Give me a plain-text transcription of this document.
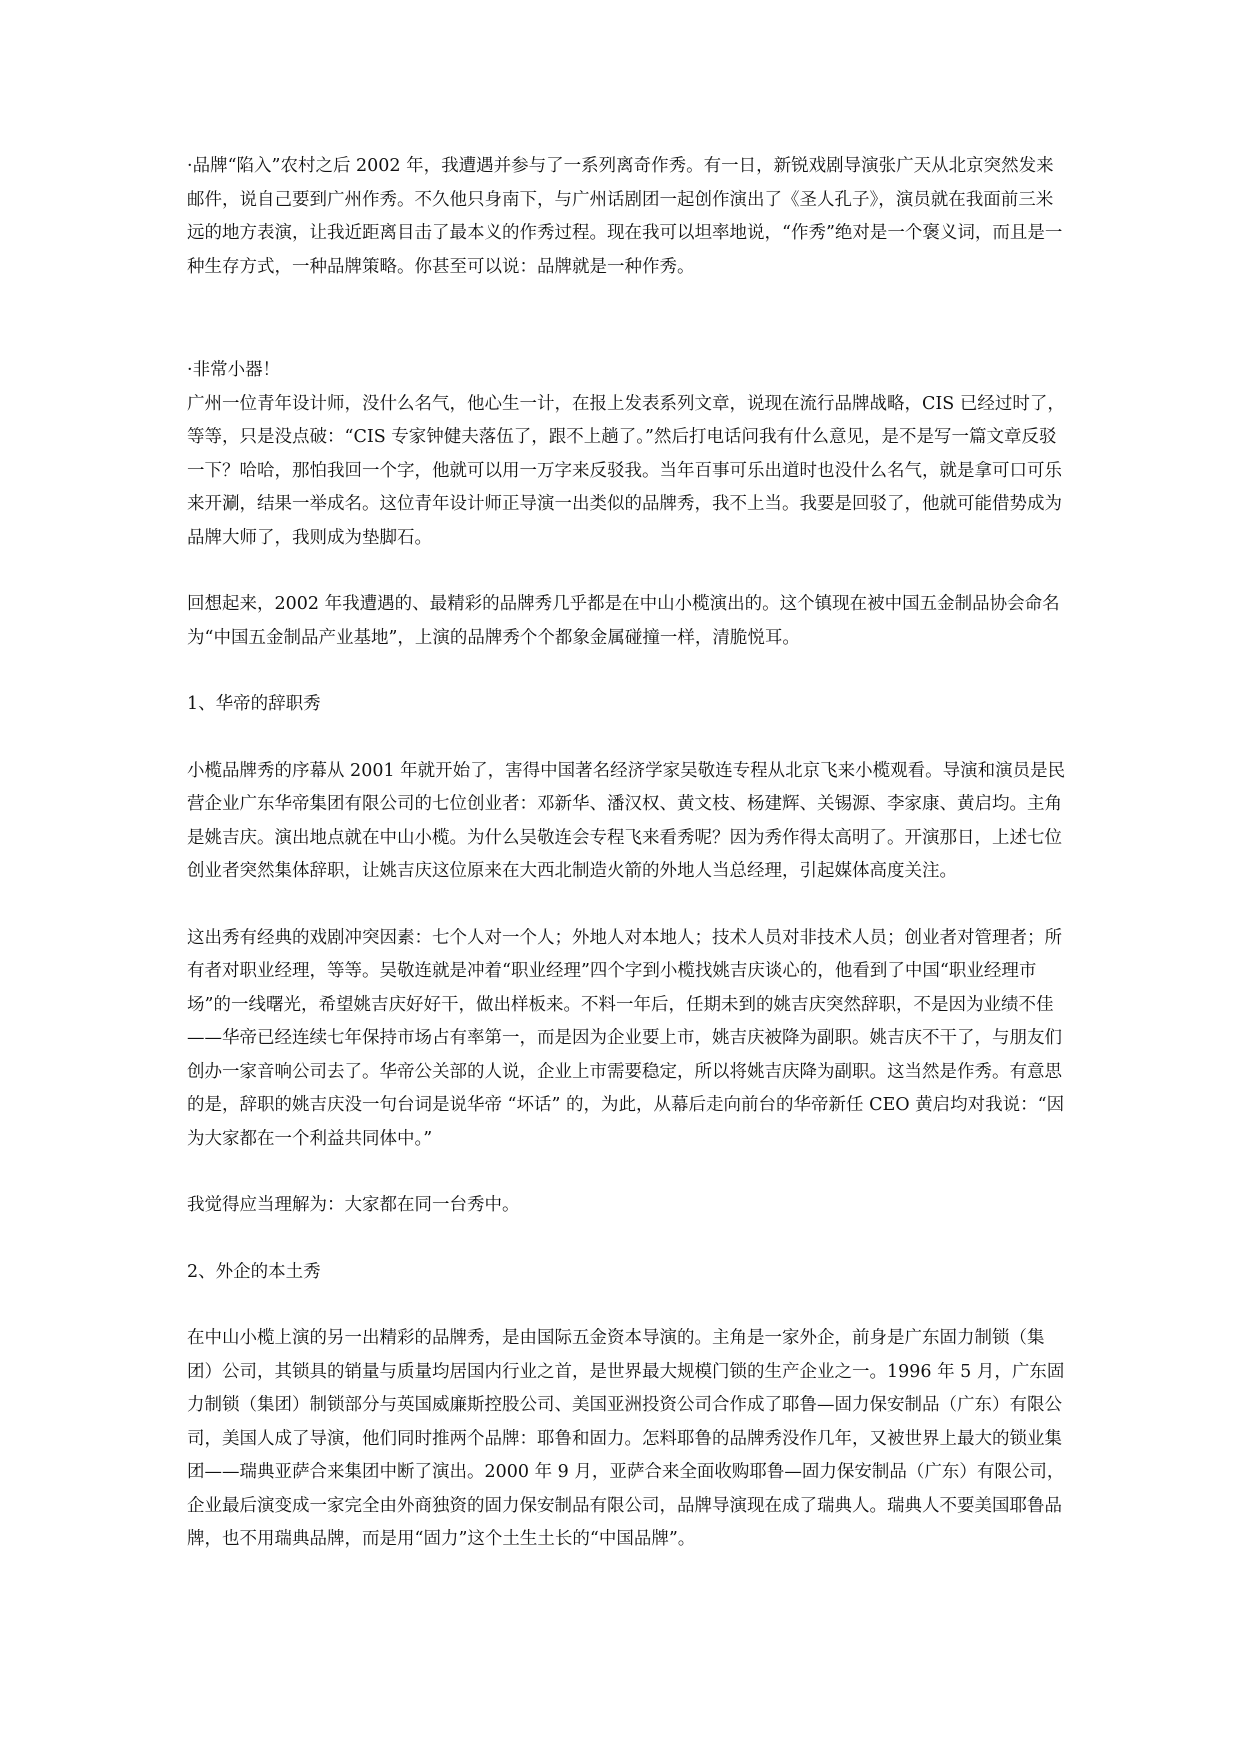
·品牌“陷入”农村之后 2002 年，我遭遇并参与了一系列离奇作秀。有一日，新锐戏剧导演张广天从北京突然发来邮件，说自己要到广州作秀。不久他只身南下，与广州话剧团一起创作演出了《圣人孔子》，演员就在我面前三米远的地方表演，让我近距离目击了最本义的作秀过程。现在我可以坦率地说，“作秀”绝对是一个褒义词，而且是一种生存方式，一种品牌策略。你甚至可以说：品牌就是一种作秀。

·非常小器！

广州一位青年设计师，没什么名气，他心生一计，在报上发表系列文章，说现在流行品牌战略，CIS 已经过时了，等等，只是没点破：“CIS 专家钟健夫落伍了，跟不上趟了。”然后打电话问我有什么意见，是不是写一篇文章反驳一下？哈哈，那怕我回一个字，他就可以用一万字来反驳我。当年百事可乐出道时也没什么名气，就是拿可口可乐来开涮，结果一举成名。这位青年设计师正导演一出类似的品牌秀，我不上当。我要是回驳了，他就可能借势成为品牌大师了，我则成为垫脚石。

回想起来，2002 年我遭遇的、最精彩的品牌秀几乎都是在中山小榄演出的。这个镇现在被中国五金制品协会命名为“中国五金制品产业基地”，上演的品牌秀个个都象金属碰撞一样，清脆悦耳。

1、华帝的辞职秀

小榄品牌秀的序幕从 2001 年就开始了，害得中国著名经济学家吴敬连专程从北京飞来小榄观看。导演和演员是民营企业广东华帝集团有限公司的七位创业者：邓新华、潘汉权、黄文枝、杨建辉、关锡源、李家康、黄启均。主角是姚吉庆。演出地点就在中山小榄。为什么吴敬连会专程飞来看秀呢？因为秀作得太高明了。开演那日，上述七位创业者突然集体辞职，让姚吉庆这位原来在大西北制造火箭的外地人当总经理，引起媒体高度关注。

这出秀有经典的戏剧冲突因素：七个人对一个人；外地人对本地人；技术人员对非技术人员；创业者对管理者；所有者对职业经理，等等。吴敬连就是冲着“职业经理”四个字到小榄找姚吉庆谈心的，他看到了中国“职业经理市场”的一线曙光，希望姚吉庆好好干，做出样板来。不料一年后，任期未到的姚吉庆突然辞职，不是因为业绩不佳——华帝已经连续七年保持市场占有率第一，而是因为企业要上市，姚吉庆被降为副职。姚吉庆不干了，与朋友们创办一家音响公司去了。华帝公关部的人说，企业上市需要稳定，所以将姚吉庆降为副职。这当然是作秀。有意思的是，辞职的姚吉庆没一句台词是说华帝 “坏话” 的，为此，从幕后走向前台的华帝新任 CEO 黄启均对我说：“因为大家都在一个利益共同体中。”

我觉得应当理解为：大家都在同一台秀中。

2、外企的本土秀

在中山小榄上演的另一出精彩的品牌秀，是由国际五金资本导演的。主角是一家外企，前身是广东固力制锁（集团）公司，其锁具的销量与质量均居国内行业之首，是世界最大规模门锁的生产企业之一。1996 年 5 月，广东固力制锁（集团）制锁部分与英国威廉斯控股公司、美国亚洲投资公司合作成了耶鲁—固力保安制品（广东）有限公司，美国人成了导演，他们同时推两个品牌：耶鲁和固力。怎料耶鲁的品牌秀没作几年，又被世界上最大的锁业集团——瑞典亚萨合来集团中断了演出。2000 年 9 月，亚萨合来全面收购耶鲁—固力保安制品（广东）有限公司，企业最后演变成一家完全由外商独资的固力保安制品有限公司，品牌导演现在成了瑞典人。瑞典人不要美国耶鲁品牌，也不用瑞典品牌，而是用“固力”这个土生土长的“中国品牌”。
